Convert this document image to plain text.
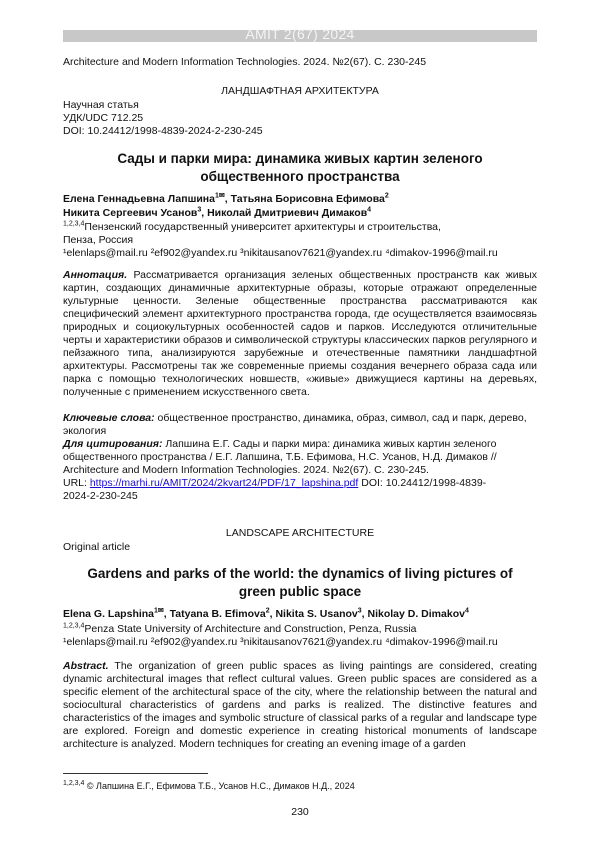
AMIT 2(67) 2024
Architecture and Modern Information Technologies. 2024. №2(67). С. 230-245
ЛАНДШАФТНАЯ АРХИТЕКТУРА
Научная статья
УДК/UDC 712.25
DOI: 10.24412/1998-4839-2024-2-230-245
Сады и парки мира: динамика живых картин зеленого
общественного пространства
Елена Геннадьевна Лапшина$^{1✉}$, Татьяна Борисовна Ефимова$^2$
Никита Сергеевич Усанов$^3$, Николай Дмитриевич Димаков$^4$
$^{1,2,3,4}$Пензенский государственный университет архитектуры и строительства,
Пенза, Россия
¹elenlaps@mail.ru ²ef902@yandex.ru ³nikitausanov7621@yandex.ru ⁴dimakov-1996@mail.ru
Аннотация. Рассматривается организация зеленых общественных пространств как живых картин, создающих динамичные архитектурные образы, которые отражают определенные культурные ценности. Зеленые общественные пространства рассматриваются как специфический элемент архитектурного пространства города, где осуществляется взаимосвязь природных и социокультурных особенностей садов и парков. Исследуются отличительные черты и характеристики образов и символической структуры классических парков регулярного и пейзажного типа, анализируются зарубежные и отечественные памятники ландшафтной архитектуры. Рассмотрены так же современные приемы создания вечернего образа сада или парка с помощью технологических новшеств, «живые» движущиеся картины на деревьях, полученные с применением искусственного света.
Ключевые слова: общественное пространство, динамика, образ, символ, сад и парк, дерево, экология
Для цитирования: Лапшина Е.Г. Сады и парки мира: динамика живых картин зеленого общественного пространства / Е.Г. Лапшина, Т.Б. Ефимова, Н.С. Усанов, Н.Д. Димаков // Architecture and Modern Information Technologies. 2024. №2(67). С. 230-245.
URL: https://marhi.ru/AMIT/2024/2kvart24/PDF/17_lapshina.pdf DOI: 10.24412/1998-4839-
2024-2-230-245
LANDSCAPE ARCHITECTURE
Original article
Gardens and parks of the world: the dynamics of living pictures of
green public space
Elena G. Lapshina$^{1✉}$, Tatyana B. Efimova$^2$, Nikita S. Usanov$^3$, Nikolay D. Dimakov$^4$
$^{1,2,3,4}$Penza State University of Architecture and Construction, Penza, Russia
¹elenlaps@mail.ru ²ef902@yandex.ru ³nikitausanov7621@yandex.ru ⁴dimakov-1996@mail.ru
Abstract. The organization of green public spaces as living paintings are considered, creating dynamic architectural images that reflect cultural values. Green public spaces are considered as a specific element of the architectural space of the city, where the relationship between the natural and sociocultural characteristics of gardens and parks is realized. The distinctive features and characteristics of the images and symbolic structure of classical parks of a regular and landscape type are explored. Foreign and domestic experience in creating historical monuments of landscape architecture is analyzed. Modern techniques for creating an evening image of a garden
$^{1,2,3,4}$ © Лапшина Е.Г., Ефимова Т.Б., Усанов Н.С., Димаков Н.Д., 2024
230
